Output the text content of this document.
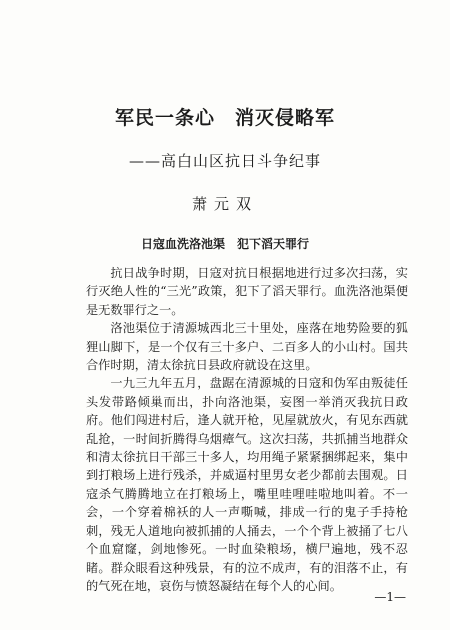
军民一条心　消灭侵略军
——高白山区抗日斗争纪事
萧元双
日寇血洗洛池渠　犯下滔天罪行

抗日战争时期，日寇对抗日根据地进行过多次扫荡，实行灭绝人性的“三光”政策，犯下了滔天罪行。血洗洛池渠便是无数罪行之一。

洛池渠位于清源城西北三十里处，座落在地势险要的狐狸山脚下，是一个仅有三十多户、二百多人的小山村。国共合作时期，清太徐抗日县政府就设在这里。

一九三九年五月，盘踞在清源城的日寇和伪军由叛徒任头发带路倾巢而出，扑向洛池渠，妄图一举消灭我抗日政府。他们闯进村后，逢人就开枪，见屋就放火，有见东西就乱抢，一时间折腾得乌烟瘴气。这次扫荡，共抓捕当地群众和清太徐抗日干部三十多人，均用绳子紧紧捆绑起来，集中到打粮场上进行残杀，并威逼村里男女老少都前去围观。日寇杀气腾腾地立在打粮场上，嘴里哇哩哇啦地叫着。不一会，一个穿着棉袄的人一声嘶喊，排成一行的鬼子手持枪刺，残无人道地向被抓捕的人捅去，一个个背上被捅了七八个血窟窿，剑地惨死。一时血染粮场，横尸遍地，残不忍睹。群众眼看这种残景，有的泣不成声，有的泪落不止，有的气死在地，哀伤与愤怒凝结在每个人的心间。

—1—
